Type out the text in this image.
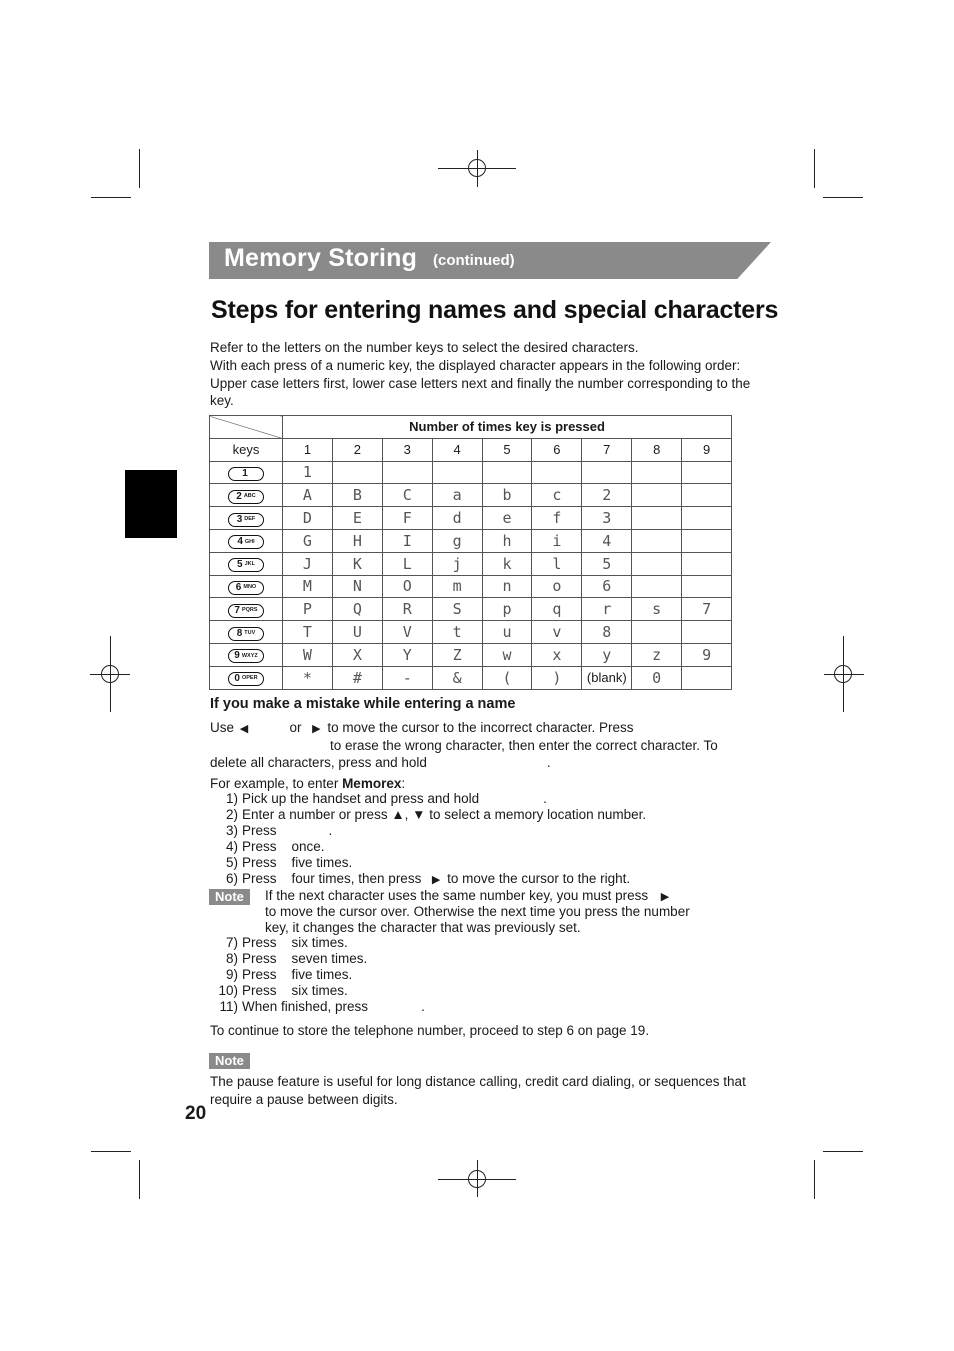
Memory Storing (continued)
Steps for entering names and special characters

Refer to the letters on the number keys to select the desired characters.

With each press of a numeric key, the displayed character appears in the following order: Upper case letters first, lower case letters next and finally the number corresponding to the key.

	Number of times key is pressed								
keys	1	2	3	4	5	6	7	8	9

1	1								

2 ABC	A	B	C	a	b	c	2		

3 DEF	D	E	F	d	e	f	3		

4 GHI	G	H	I	g	h	i	4		

5 JKL	J	K	L	j	k	l	5		

6 MNO	M	N	O	m	n	o	6		

7 PQRS	P	Q	R	S	p	q	r	s	7

8 TUV	T	U	V	t	u	v	8		

9 WXYZ	W	X	Y	Z	w	x	y	z	9

0 OPER	*	#	-	&	(	)	(blank)	0	
If you make a mistake while entering a name
Use ◀	or ▶ to move the cursor to the incorrect character. Press
to erase the wrong character, then enter the correct character. To
delete all characters, press and hold	.
For example, to enter Memorex:
1) Pick up the handset and press and hold	.
2) Enter a number or press ▲, ▼ to select a memory location number.
3) Press	.
4) Press    once.
5) Press    five times.
6) Press    four times, then press ▶ to move the cursor to the right.
Note	If the next character uses the same number key, you must press ▶
to move the cursor over. Otherwise the next time you press the number
key, it changes the character that was previously set.
7) Press    six times.
8) Press    seven times.
9) Press    five times.
10) Press    six times.
11) When finished, press	.
To continue to store the telephone number, proceed to step 6 on page 19.
Note
The pause feature is useful for long distance calling, credit card dialing, or sequences that require a pause between digits.
20
